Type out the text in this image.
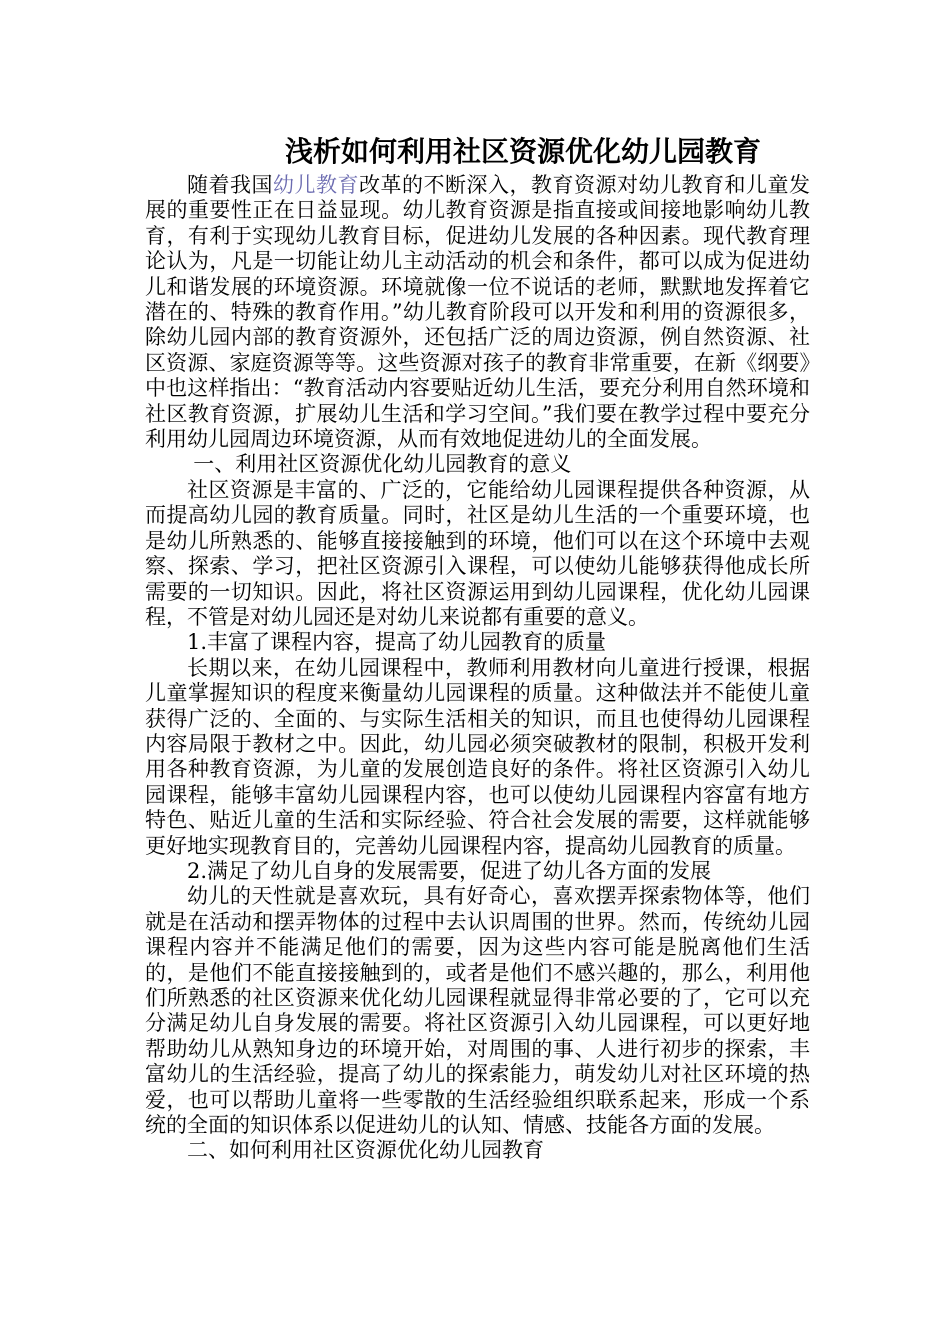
浅析如何利用社区资源优化幼儿园教育

随着我国幼儿教育改革的不断深入，教育资源对幼儿教育和儿童发展的重要性正在日益显现。幼儿教育资源是指直接或间接地影响幼儿教育，有利于实现幼儿教育目标，促进幼儿发展的各种因素。现代教育理论认为，凡是一切能让幼儿主动活动的机会和条件，都可以成为促进幼儿和谐发展的环境资源。环境就像一位不说话的老师，默默地发挥着它潜在的、特殊的教育作用。”幼儿教育阶段可以开发和利用的资源很多，除幼儿园内部的教育资源外，还包括广泛的周边资源，例自然资源、社区资源、家庭资源等等。这些资源对孩子的教育非常重要，在新《纲要》中也这样指出：“教育活动内容要贴近幼儿生活，要充分利用自然环境和社区教育资源，扩展幼儿生活和学习空间。”我们要在教学过程中要充分利用幼儿园周边环境资源，从而有效地促进幼儿的全面发展。

一、利用社区资源优化幼儿园教育的意义

社区资源是丰富的、广泛的，它能给幼儿园课程提供各种资源，从而提高幼儿园的教育质量。同时，社区是幼儿生活的一个重要环境，也是幼儿所熟悉的、能够直接接触到的环境，他们可以在这个环境中去观察、探索、学习，把社区资源引入课程，可以使幼儿能够获得他成长所需要的一切知识。因此，将社区资源运用到幼儿园课程，优化幼儿园课程，不管是对幼儿园还是对幼儿来说都有重要的意义。

1.丰富了课程内容，提高了幼儿园教育的质量

长期以来，在幼儿园课程中，教师利用教材向儿童进行授课，根据儿童掌握知识的程度来衡量幼儿园课程的质量。这种做法并不能使儿童获得广泛的、全面的、与实际生活相关的知识，而且也使得幼儿园课程内容局限于教材之中。因此，幼儿园必须突破教材的限制，积极开发利用各种教育资源，为儿童的发展创造良好的条件。将社区资源引入幼儿园课程，能够丰富幼儿园课程内容，也可以使幼儿园课程内容富有地方特色、贴近儿童的生活和实际经验、符合社会发展的需要，这样就能够更好地实现教育目的，完善幼儿园课程内容，提高幼儿园教育的质量。

2.满足了幼儿自身的发展需要，促进了幼儿各方面的发展

幼儿的天性就是喜欢玩，具有好奇心，喜欢摆弄探索物体等，他们就是在活动和摆弄物体的过程中去认识周围的世界。然而，传统幼儿园课程内容并不能满足他们的需要，因为这些内容可能是脱离他们生活的，是他们不能直接接触到的，或者是他们不感兴趣的，那么，利用他们所熟悉的社区资源来优化幼儿园课程就显得非常必要的了，它可以充分满足幼儿自身发展的需要。将社区资源引入幼儿园课程，可以更好地帮助幼儿从熟知身边的环境开始，对周围的事、人进行初步的探索，丰富幼儿的生活经验，提高了幼儿的探索能力，萌发幼儿对社区环境的热爱，也可以帮助儿童将一些零散的生活经验组织联系起来，形成一个系统的全面的知识体系以促进幼儿的认知、情感、技能各方面的发展。

二、如何利用社区资源优化幼儿园教育
